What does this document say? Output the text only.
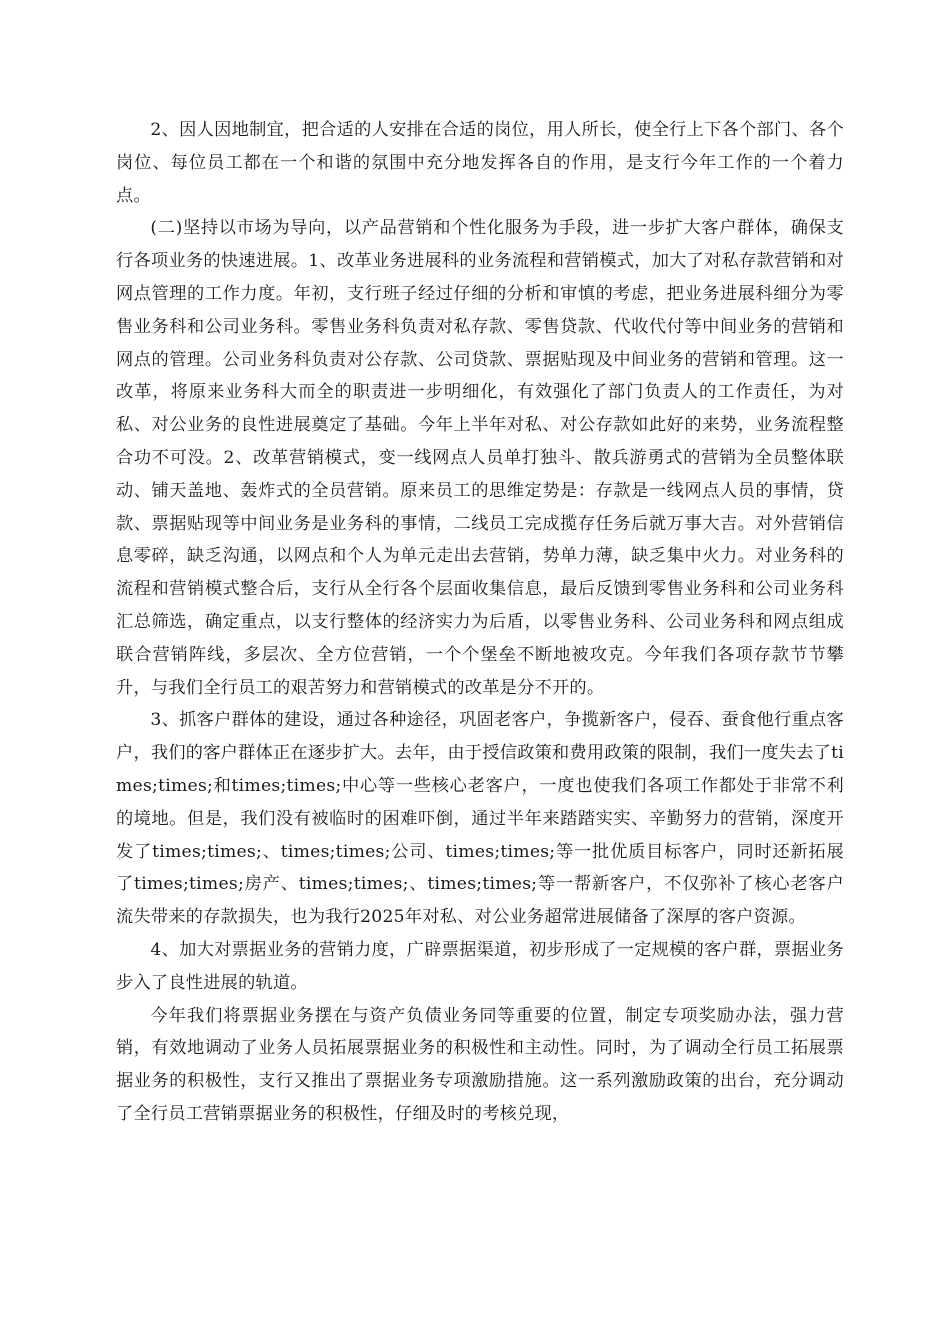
2、因人因地制宜，把合适的人安排在合适的岗位，用人所长，使全行上下各个部门、各个岗位、每位员工都在一个和谐的氛围中充分地发挥各自的作用，是支行今年工作的一个着力点。

(二)坚持以市场为导向，以产品营销和个性化服务为手段，进一步扩大客户群体，确保支行各项业务的快速进展。1、改革业务进展科的业务流程和营销模式，加大了对私存款营销和对网点管理的工作力度。年初，支行班子经过仔细的分析和审慎的考虑，把业务进展科细分为零售业务科和公司业务科。零售业务科负责对私存款、零售贷款、代收代付等中间业务的营销和网点的管理。公司业务科负责对公存款、公司贷款、票据贴现及中间业务的营销和管理。这一改革，将原来业务科大而全的职责进一步明细化，有效强化了部门负责人的工作责任，为对私、对公业务的良性进展奠定了基础。今年上半年对私、对公存款如此好的来势，业务流程整合功不可没。2、改革营销模式，变一线网点人员单打独斗、散兵游勇式的营销为全员整体联动、铺天盖地、轰炸式的全员营销。原来员工的思维定势是：存款是一线网点人员的事情，贷款、票据贴现等中间业务是业务科的事情，二线员工完成揽存任务后就万事大吉。对外营销信息零碎，缺乏沟通，以网点和个人为单元走出去营销，势单力薄，缺乏集中火力。对业务科的流程和营销模式整合后，支行从全行各个层面收集信息，最后反馈到零售业务科和公司业务科汇总筛选，确定重点，以支行整体的经济实力为后盾，以零售业务科、公司业务科和网点组成联合营销阵线，多层次、全方位营销，一个个堡垒不断地被攻克。今年我们各项存款节节攀升，与我们全行员工的艰苦努力和营销模式的改革是分不开的。

3、抓客户群体的建设，通过各种途径，巩固老客户，争揽新客户，侵吞、蚕食他行重点客户，我们的客户群体正在逐步扩大。去年，由于授信政策和费用政策的限制，我们一度失去了times;times;和times;times;中心等一些核心老客户，一度也使我们各项工作都处于非常不利的境地。但是，我们没有被临时的困难吓倒，通过半年来踏踏实实、辛勤努力的营销，深度开发了times;times;、times;times;公司、times;times;等一批优质目标客户，同时还新拓展了times;times;房产、times;times;、times;times;等一帮新客户，不仅弥补了核心老客户流失带来的存款损失，也为我行2025年对私、对公业务超常进展储备了深厚的客户资源。

4、加大对票据业务的营销力度，广辟票据渠道，初步形成了一定规模的客户群，票据业务步入了良性进展的轨道。

今年我们将票据业务摆在与资产负债业务同等重要的位置，制定专项奖励办法，强力营销，有效地调动了业务人员拓展票据业务的积极性和主动性。同时，为了调动全行员工拓展票据业务的积极性，支行又推出了票据业务专项激励措施。这一系列激励政策的出台，充分调动了全行员工营销票据业务的积极性，仔细及时的考核兑现，
